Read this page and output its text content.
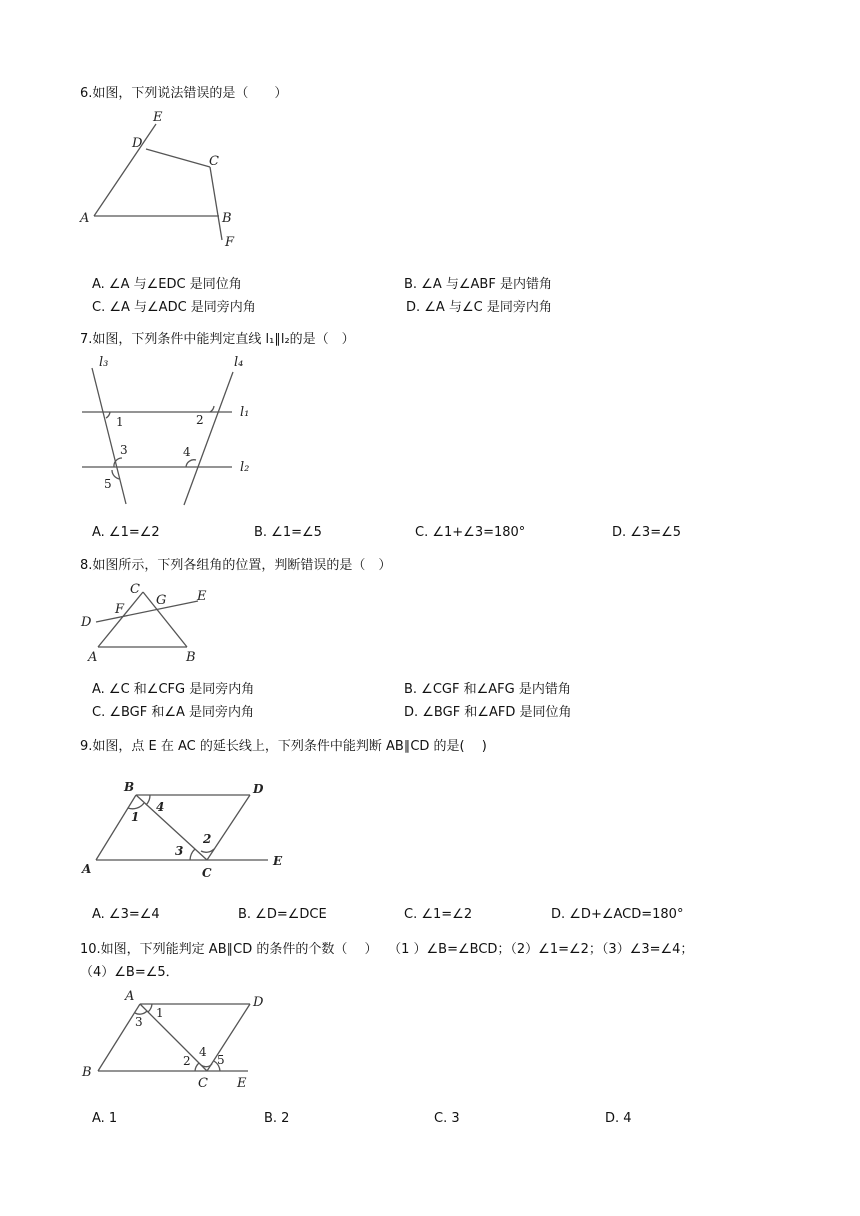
6.如图，下列说法错误的是（　　）
E
D
C
A	B
F
A. ∠A 与∠EDC 是同位角	B. ∠A 与∠ABF 是内错角
C. ∠A 与∠ADC 是同旁内角	D. ∠A 与∠C 是同旁内角
7.如图，下列条件中能判定直线 l₁∥l₂的是（　）
l₃	l₄
l₁
l₂
1	2
3	4
5
A. ∠1=∠2	B. ∠1=∠5	C. ∠1+∠3=180°	D. ∠3=∠5
8.如图所示，下列各组角的位置，判断错误的是（　）
C
F
G E
D
A	B
A. ∠C 和∠CFG 是同旁内角	B. ∠CGF 和∠AFG 是内错角
C. ∠BGF 和∠A 是同旁内角	D. ∠BGF 和∠AFD 是同位角
9.如图，点 E 在 AC 的延长线上，下列条件中能判断 AB∥CD 的是(　 )
B	D
4
1
2
3
A	C
E
A. ∠3=∠4	B. ∠D=∠DCE	C. ∠1=∠2	D. ∠D+∠ACD=180°
10.如图，下列能判定 AB∥CD 的条件的个数（　 ）　 （1 ）∠B=∠BCD；（2）∠1=∠2；（3）∠3=∠4；
（4）∠B=∠5．
A	D
3
1
2
4
5
B
C E
A. 1	B. 2	C. 3	D. 4
